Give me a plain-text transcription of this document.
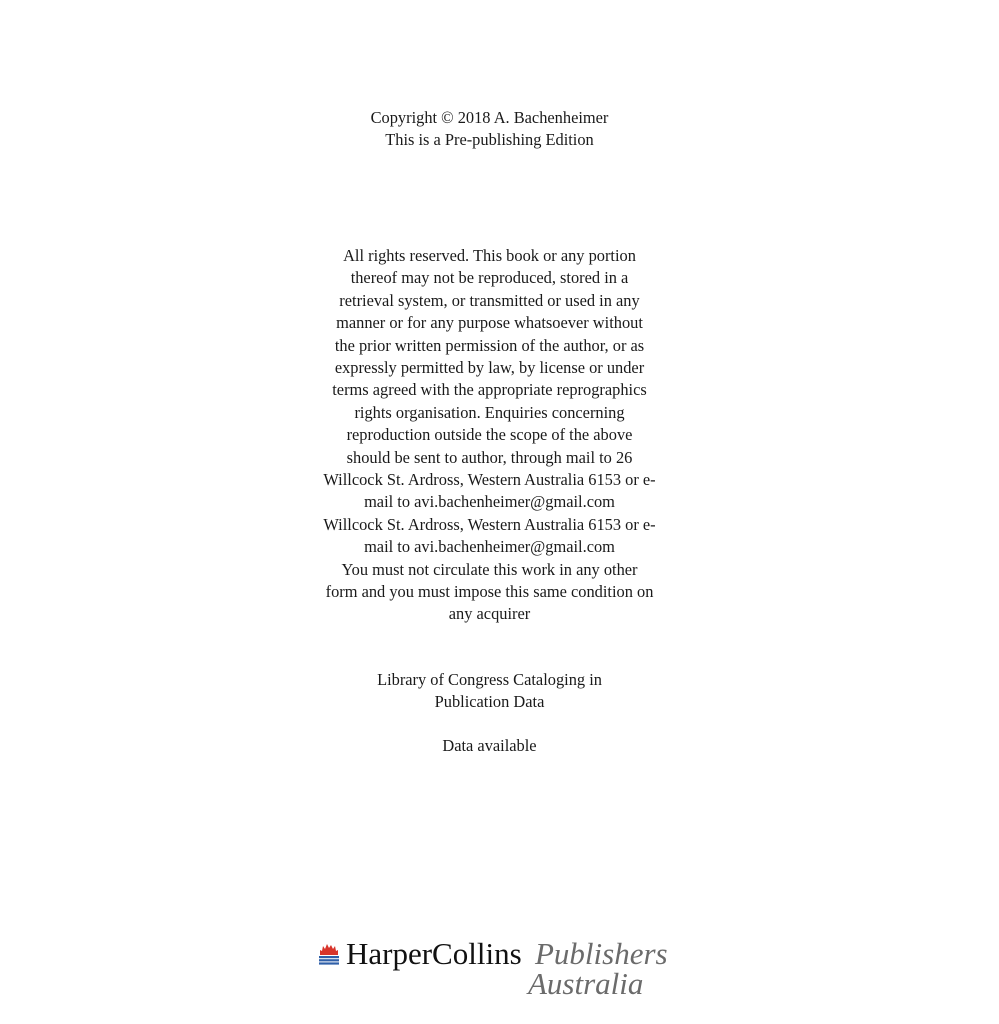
Copyright © 2018 A. Bachenheimer
This is a Pre-publishing Edition
All rights reserved. This book or any portion
thereof may not be reproduced, stored in a
retrieval system, or transmitted or used in any
manner or for any purpose whatsoever without
the prior written permission of the author, or as
expressly permitted by law, by license or under
terms agreed with the appropriate reprographics
rights organisation. Enquiries concerning
reproduction outside the scope of the above
should be sent to author, through mail to 26
Willcock St. Ardross, Western Australia 6153 or e-
mail to avi.bachenheimer@gmail.com
Willcock St. Ardross, Western Australia 6153 or e-
mail to avi.bachenheimer@gmail.com
You must not circulate this work in any other
form and you must impose this same condition on
any acquirer
Library of Congress Cataloging in
Publication Data
Data available
HarperCollins Publishers
Australia
